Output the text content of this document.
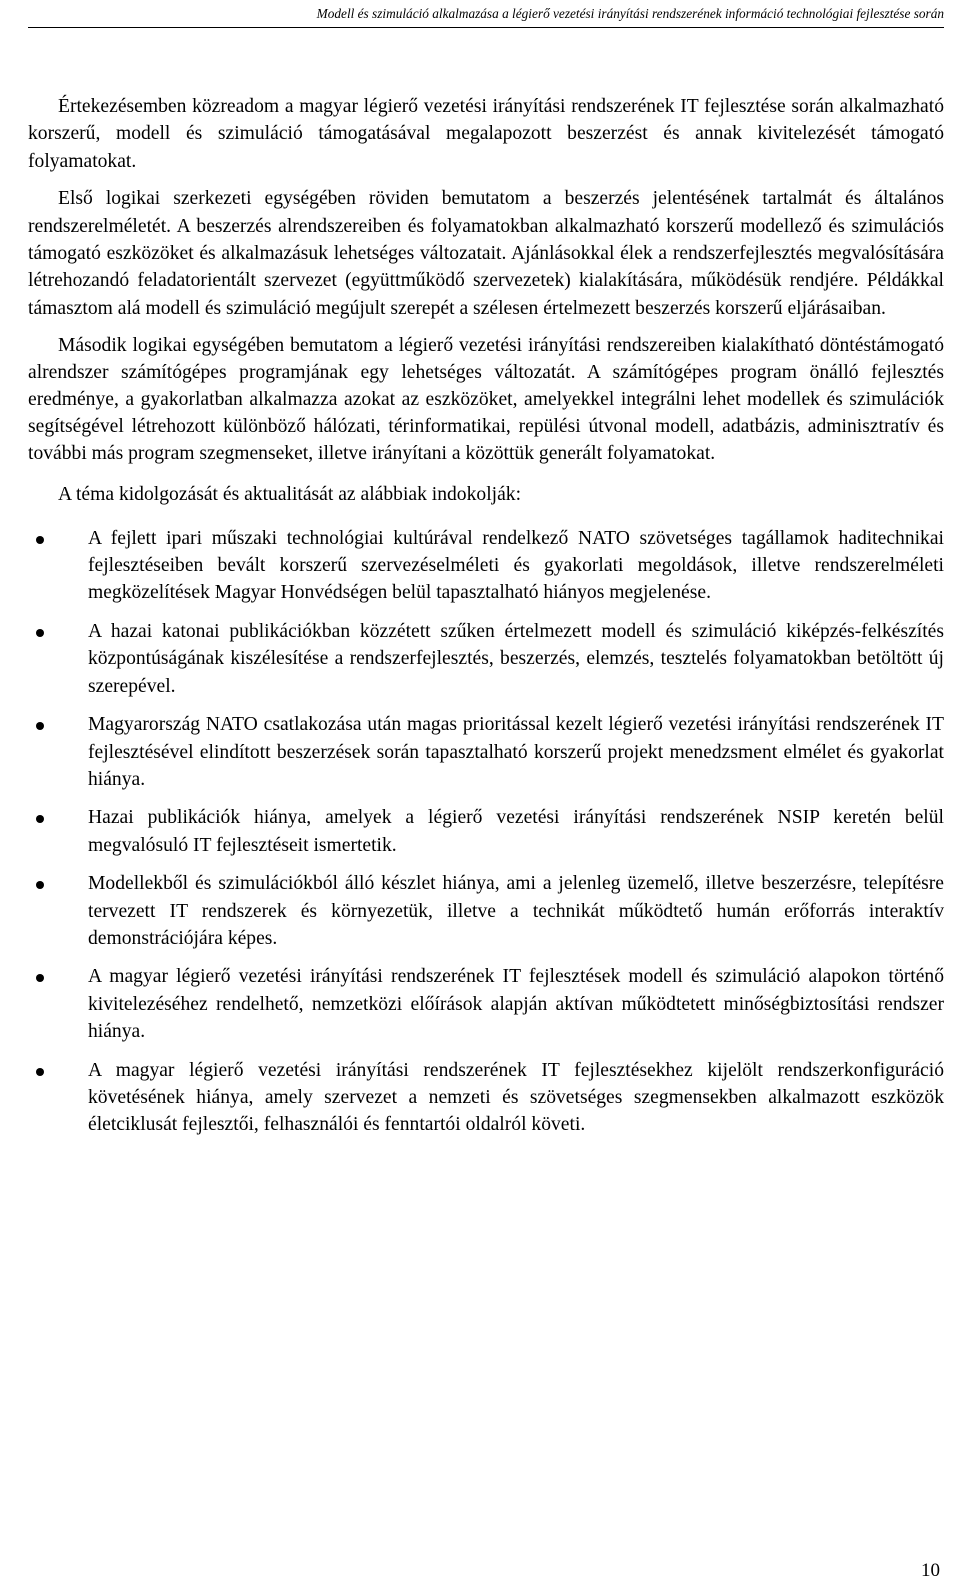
Modell és szimuláció alkalmazása a légierő vezetési irányítási rendszerének információ technológiai fejlesztése során

Értekezésemben közreadom a magyar légierő vezetési irányítási rendszerének IT fejlesztése során alkalmazható korszerű, modell és szimuláció támogatásával megalapozott beszerzést és annak kivitelezését támogató folyamatokat.

Első logikai szerkezeti egységében röviden bemutatom a beszerzés jelentésének tartalmát és általános rendszerelméletét. A beszerzés alrendszereiben és folyamatokban alkalmazható korszerű modellező és szimulációs támogató eszközöket és alkalmazásuk lehetséges változatait. Ajánlásokkal élek a rendszerfejlesztés megvalósítására létrehozandó feladatorientált szervezet (együttműködő szervezetek) kialakítására, működésük rendjére. Példákkal támasztom alá modell és szimuláció megújult szerepét a szélesen értelmezett beszerzés korszerű eljárásaiban.

Második logikai egységében bemutatom a légierő vezetési irányítási rendszereiben kialakítható döntéstámogató alrendszer számítógépes programjának egy lehetséges változatát. A számítógépes program önálló fejlesztés eredménye, a gyakorlatban alkalmazza azokat az eszközöket, amelyekkel integrálni lehet modellek és szimulációk segítségével létrehozott különböző hálózati, térinformatikai, repülési útvonal modell, adatbázis, adminisztratív és további más program szegmenseket, illetve irányítani a közöttük generált folyamatokat.

A téma kidolgozását és aktualitását az alábbiak indokolják:

A fejlett ipari műszaki technológiai kultúrával rendelkező NATO szövetséges tagállamok haditechnikai fejlesztéseiben bevált korszerű szervezéselméleti és gyakorlati megoldások, illetve rendszerelméleti megközelítések Magyar Honvédségen belül tapasztalható hiányos megjelenése.
A hazai katonai publikációkban közzétett szűken értelmezett modell és szimuláció kiképzés-felkészítés központúságának kiszélesítése a rendszerfejlesztés, beszerzés, elemzés, tesztelés folyamatokban betöltött új szerepével.
Magyarország NATO csatlakozása után magas prioritással kezelt légierő vezetési irányítási rendszerének IT fejlesztésével elindított beszerzések során tapasztalható korszerű projekt menedzsment elmélet és gyakorlat hiánya.
Hazai publikációk hiánya, amelyek a légierő vezetési irányítási rendszerének NSIP keretén belül megvalósuló IT fejlesztéseit ismertetik.
Modellekből és szimulációkból álló készlet hiánya, ami a jelenleg üzemelő, illetve beszerzésre, telepítésre tervezett IT rendszerek és környezetük, illetve a technikát működtető humán erőforrás interaktív demonstrációjára képes.
A magyar légierő vezetési irányítási rendszerének IT fejlesztések modell és szimuláció alapokon történő kivitelezéséhez rendelhető, nemzetközi előírások alapján aktívan működtetett minőségbiztosítási rendszer hiánya.
A magyar légierő vezetési irányítási rendszerének IT fejlesztésekhez kijelölt rendszerkonfiguráció követésének hiánya, amely szervezet a nemzeti és szövetséges szegmensekben alkalmazott eszközök életciklusát fejlesztői, felhasználói és fenntartói oldalról követi.
10
